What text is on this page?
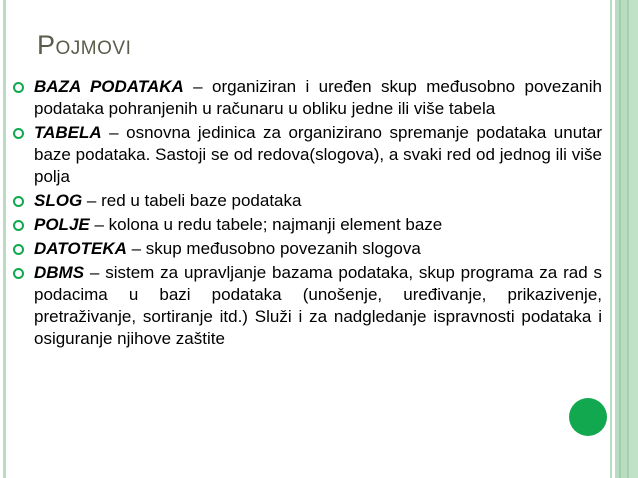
Pojmovi
BAZA PODATAKA – organiziran i uređen skup međusobno povezanih podataka pohranjenih u računaru u obliku jedne ili više tabela
TABELA – osnovna jedinica za organizirano spremanje podataka unutar baze podataka. Sastoji se od redova(slogova), a svaki red od jednog ili više polja
SLOG – red u tabeli baze podataka
POLJE – kolona u redu tabele; najmanji element baze
DATOTEKA – skup međusobno povezanih slogova
DBMS – sistem za upravljanje bazama podataka, skup programa za rad s podacima u bazi podataka (unošenje, uređivanje, prikazivenje, pretraživanje, sortiranje itd.) Služi i za nadgledanje ispravnosti podataka i osiguranje njihove zaštite
